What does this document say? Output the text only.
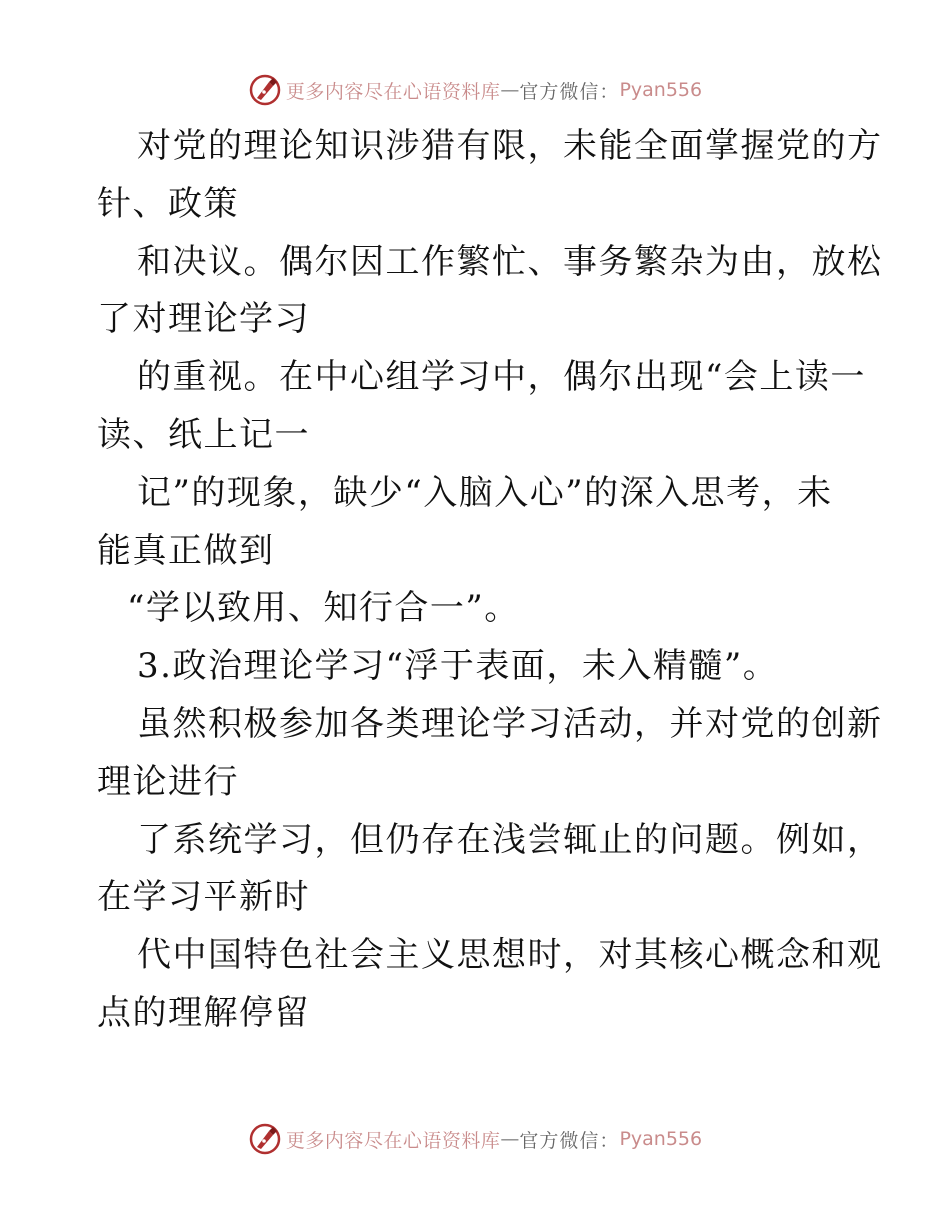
更多内容尽在心语资料库 — 官方微信： Pyan556
对党的理论知识涉猎有限，未能全面掌握党的方
针、政策
和决议。偶尔因工作繁忙、事务繁杂为由，放松
了对理论学习
的重视。在中心组学习中，偶尔出现“会上读一
读、纸上记一
记”的现象，缺少“入脑入心”的深入思考，未
能真正做到
“学以致用、知行合一”。
3.政治理论学习“浮于表面，未入精髓”。
虽然积极参加各类理论学习活动，并对党的创新
理论进行
了系统学习，但仍存在浅尝辄止的问题。例如，
在学习平新时
代中国特色社会主义思想时，对其核心概念和观
点的理解停留
更多内容尽在心语资料库 — 官方微信： Pyan556
